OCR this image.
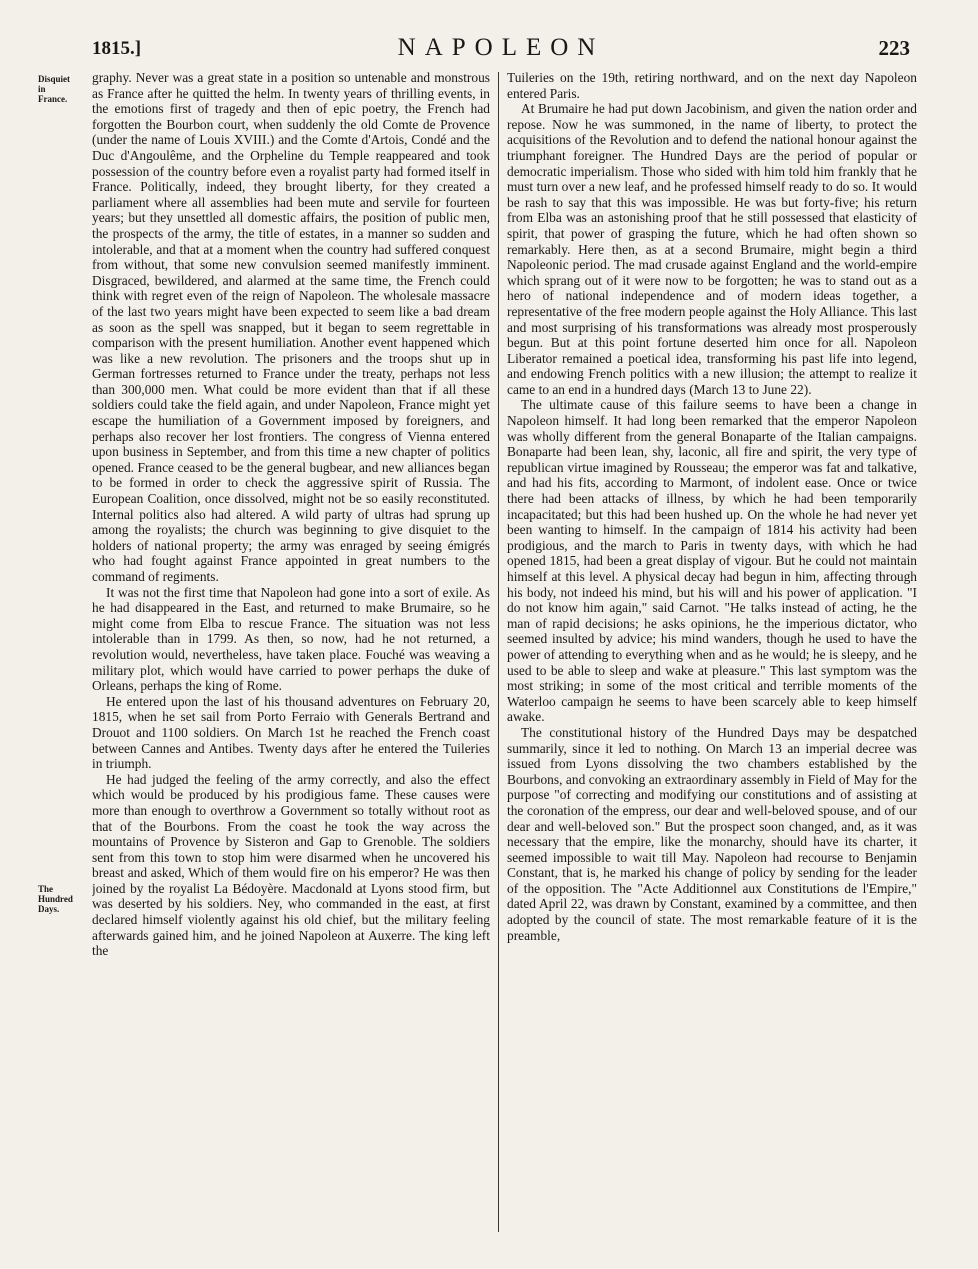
1815.]	NAPOLEON	223
Disquiet
in
France.
The
Hundred
Days.

graphy. Never was a great state in a position so untenable and monstrous as France after he quitted the helm. In twenty years of thrilling events, in the emotions first of tragedy and then of epic poetry, the French had forgotten the Bourbon court, when suddenly the old Comte de Provence (under the name of Louis XVIII.) and the Comte d'Artois, Condé and the Duc d'Angoulême, and the Orpheline du Temple reappeared and took possession of the country before even a royalist party had formed itself in France. Politically, indeed, they brought liberty, for they created a parliament where all assemblies had been mute and servile for fourteen years; but they unsettled all domestic affairs, the position of public men, the prospects of the army, the title of estates, in a manner so sudden and intolerable, and that at a moment when the country had suffered conquest from without, that some new convulsion seemed manifestly imminent. Disgraced, bewildered, and alarmed at the same time, the French could think with regret even of the reign of Napoleon. The wholesale massacre of the last two years might have been expected to seem like a bad dream as soon as the spell was snapped, but it began to seem regrettable in comparison with the present humiliation. Another event happened which was like a new revolution. The prisoners and the troops shut up in German fortresses returned to France under the treaty, perhaps not less than 300,000 men. What could be more evident than that if all these soldiers could take the field again, and under Napoleon, France might yet escape the humiliation of a Government imposed by foreigners, and perhaps also recover her lost frontiers. The congress of Vienna entered upon business in September, and from this time a new chapter of politics opened. France ceased to be the general bugbear, and new alliances began to be formed in order to check the aggressive spirit of Russia. The European Coalition, once dissolved, might not be so easily reconstituted. Internal politics also had altered. A wild party of ultras had sprung up among the royalists; the church was beginning to give disquiet to the holders of national property; the army was enraged by seeing émigrés who had fought against France appointed in great numbers to the command of regiments.

It was not the first time that Napoleon had gone into a sort of exile. As he had disappeared in the East, and returned to make Brumaire, so he might come from Elba to rescue France. The situation was not less intolerable than in 1799. As then, so now, had he not returned, a revolution would, nevertheless, have taken place. Fouché was weaving a military plot, which would have carried to power perhaps the duke of Orleans, perhaps the king of Rome.

He entered upon the last of his thousand adventures on February 20, 1815, when he set sail from Porto Ferraio with Generals Bertrand and Drouot and 1100 soldiers. On March 1st he reached the French coast between Cannes and Antibes. Twenty days after he entered the Tuileries in triumph.

He had judged the feeling of the army correctly, and also the effect which would be produced by his prodigious fame. These causes were more than enough to overthrow a Government so totally without root as that of the Bourbons. From the coast he took the way across the mountains of Provence by Sisteron and Gap to Grenoble. The soldiers sent from this town to stop him were disarmed when he uncovered his breast and asked, Which of them would fire on his emperor? He was then joined by the royalist La Bédoyère. Macdonald at Lyons stood firm, but was deserted by his soldiers. Ney, who commanded in the east, at first declared himself violently against his old chief, but the military feeling afterwards gained him, and he joined Napoleon at Auxerre. The king left the

Tuileries on the 19th, retiring northward, and on the next day Napoleon entered Paris.

At Brumaire he had put down Jacobinism, and given the nation order and repose. Now he was summoned, in the name of liberty, to protect the acquisitions of the Revolution and to defend the national honour against the triumphant foreigner. The Hundred Days are the period of popular or democratic imperialism. Those who sided with him told him frankly that he must turn over a new leaf, and he professed himself ready to do so. It would be rash to say that this was impossible. He was but forty-five; his return from Elba was an astonishing proof that he still possessed that elasticity of spirit, that power of grasping the future, which he had often shown so remarkably. Here then, as at a second Brumaire, might begin a third Napoleonic period. The mad crusade against England and the world-empire which sprang out of it were now to be forgotten; he was to stand out as a hero of national independence and of modern ideas together, a representative of the free modern people against the Holy Alliance. This last and most surprising of his transformations was already most prosperously begun. But at this point fortune deserted him once for all. Napoleon Liberator remained a poetical idea, transforming his past life into legend, and endowing French politics with a new illusion; the attempt to realize it came to an end in a hundred days (March 13 to June 22).

The ultimate cause of this failure seems to have been a change in Napoleon himself. It had long been remarked that the emperor Napoleon was wholly different from the general Bonaparte of the Italian campaigns. Bonaparte had been lean, shy, laconic, all fire and spirit, the very type of republican virtue imagined by Rousseau; the emperor was fat and talkative, and had his fits, according to Marmont, of indolent ease. Once or twice there had been attacks of illness, by which he had been temporarily incapacitated; but this had been hushed up. On the whole he had never yet been wanting to himself. In the campaign of 1814 his activity had been prodigious, and the march to Paris in twenty days, with which he had opened 1815, had been a great display of vigour. But he could not maintain himself at this level. A physical decay had begun in him, affecting through his body, not indeed his mind, but his will and his power of application. "I do not know him again," said Carnot. "He talks instead of acting, he the man of rapid decisions; he asks opinions, he the imperious dictator, who seemed insulted by advice; his mind wanders, though he used to have the power of attending to everything when and as he would; he is sleepy, and he used to be able to sleep and wake at pleasure." This last symptom was the most striking; in some of the most critical and terrible moments of the Waterloo campaign he seems to have been scarcely able to keep himself awake.

The constitutional history of the Hundred Days may be despatched summarily, since it led to nothing. On March 13 an imperial decree was issued from Lyons dissolving the two chambers established by the Bourbons, and convoking an extraordinary assembly in Field of May for the purpose "of correcting and modifying our constitutions and of assisting at the coronation of the empress, our dear and well-beloved spouse, and of our dear and well-beloved son." But the prospect soon changed, and, as it was necessary that the empire, like the monarchy, should have its charter, it seemed impossible to wait till May. Napoleon had recourse to Benjamin Constant, that is, he marked his change of policy by sending for the leader of the opposition. The "Acte Additionnel aux Constitutions de l'Empire," dated April 22, was drawn by Constant, examined by a committee, and then adopted by the council of state. The most remarkable feature of it is the preamble,
